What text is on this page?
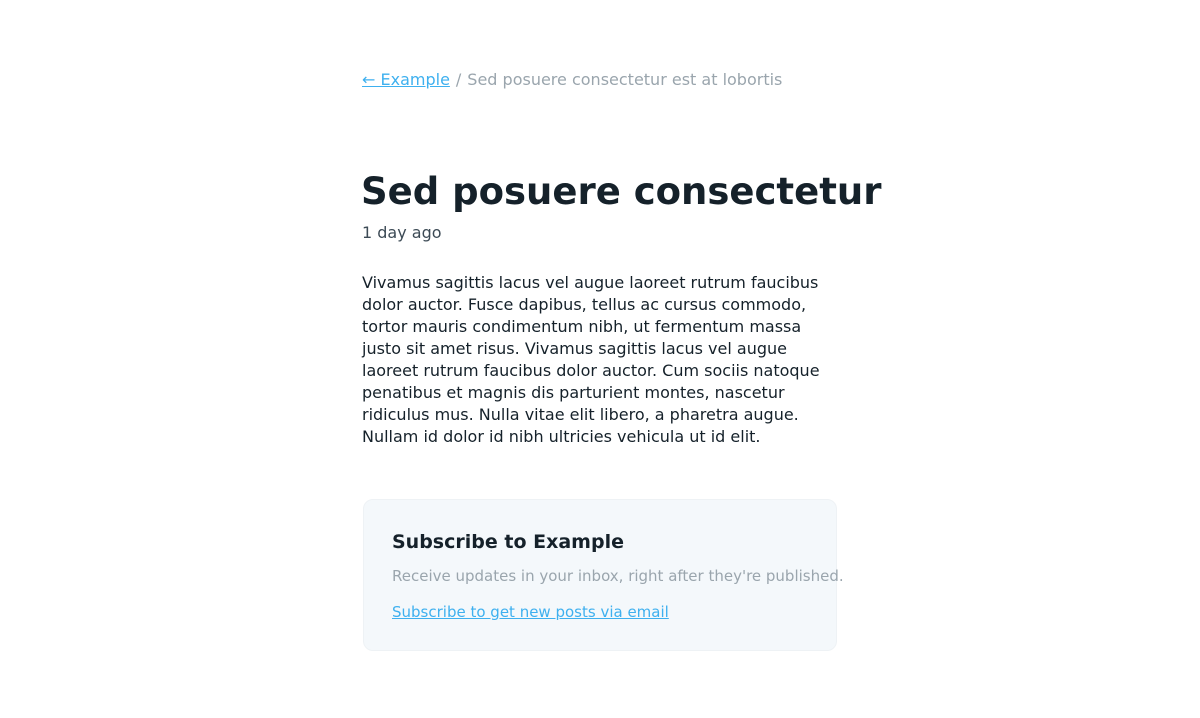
← Example / Sed posuere consectetur est at lobortis
Sed posuere consectetur
1 day ago

Vivamus sagittis lacus vel augue laoreet rutrum faucibus dolor auctor. Fusce dapibus, tellus ac cursus commodo, tortor mauris condimentum nibh, ut fermentum massa justo sit amet risus. Vivamus sagittis lacus vel augue laoreet rutrum faucibus dolor auctor. Cum sociis natoque penatibus et magnis dis parturient montes, nascetur ridiculus mus. Nulla vitae elit libero, a pharetra augue. Nullam id dolor id nibh ultricies vehicula ut id elit.

Subscribe to Example
Receive updates in your inbox, right after they're published.
Subscribe to get new posts via email
